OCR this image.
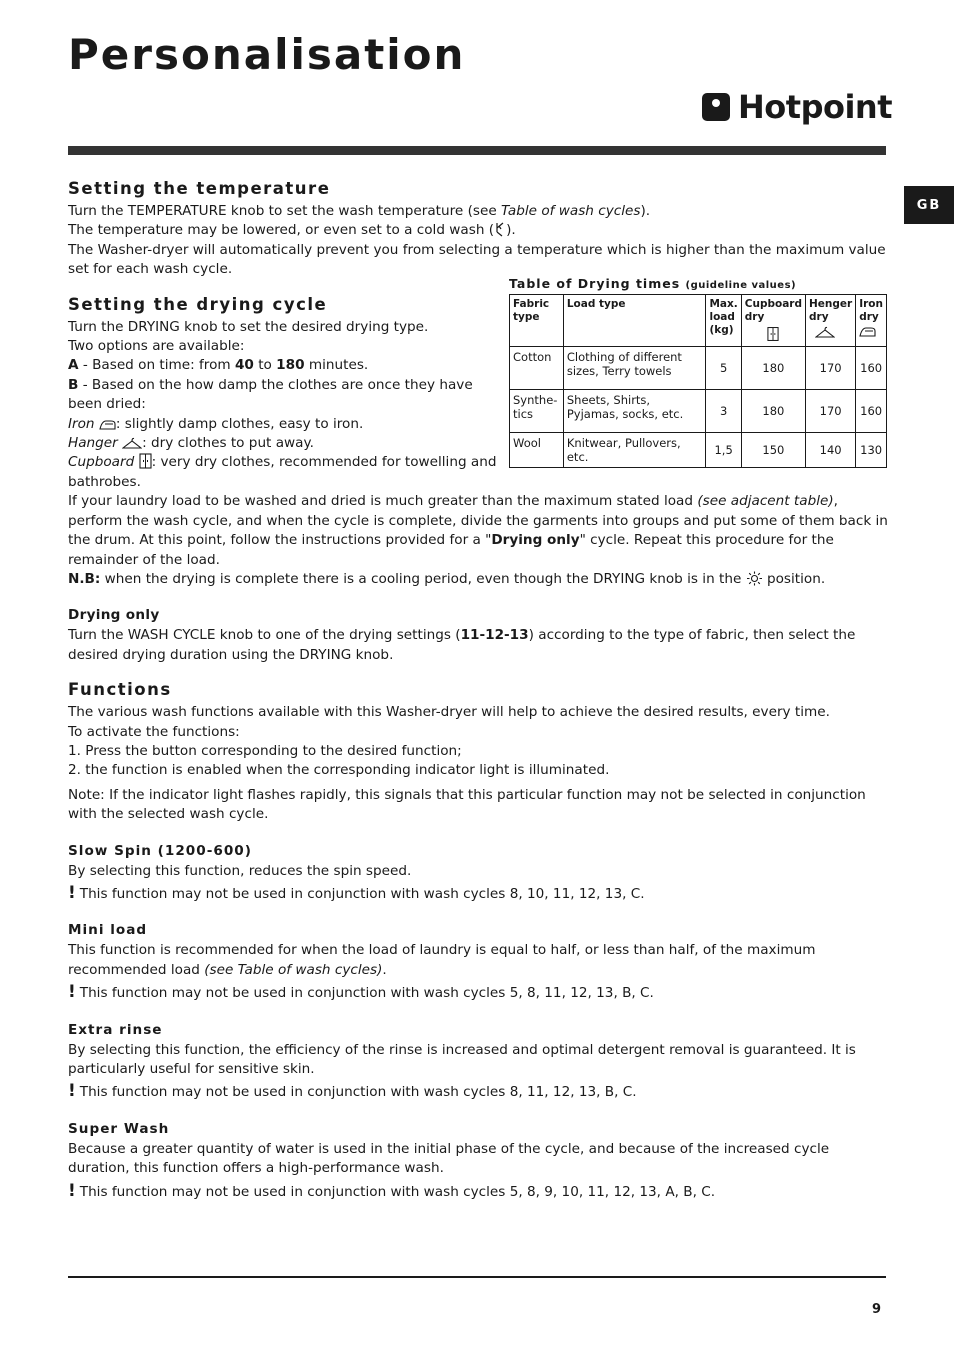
Personalisation
Hotpoint
GB
Setting the temperature

Turn the TEMPERATURE knob to set the wash temperature (see Table of wash cycles).

The temperature may be lowered, or even set to a cold wash ( ).

The Washer-dryer will automatically prevent you from selecting a temperature which is higher than the maximum value set for each wash cycle.

Setting the drying cycle

Turn the DRYING knob to set the desired drying type.

Two options are available:

A - Based on time: from 40 to 180 minutes.

B - Based on the how damp the clothes are once they have been dried:

Iron : slightly damp clothes, easy to iron.

Hanger : dry clothes to put away.

Cupboard : very dry clothes, recommended for towelling and bathrobes.

Table of Drying times (guideline values)

Fabric type	Load type	Max. load (kg)	Cupboard dry	Henger dry	Iron dry

Cotton	Clothing of different sizes, Terry towels	5	180	170	160
Synthe-tics	Sheets, Shirts, Pyjamas, socks, etc.	3	180	170	160
Wool	Knitwear, Pullovers, etc.	1,5	150	140	130

If your laundry load to be washed and dried is much greater than the maximum stated load (see adjacent table), perform the wash cycle, and when the cycle is complete, divide the garments into groups and put some of them back in the drum. At this point, follow the instructions provided for a "Drying only" cycle. Repeat this procedure for the remainder of the load.

N.B: when the drying is complete there is a cooling period, even though the DRYING knob is in the  position.

Drying only

Turn the WASH CYCLE knob to one of the drying settings (11-12-13) according to the type of fabric, then select the desired drying duration using the DRYING knob.

Functions

The various wash functions available with this Washer-dryer will help to achieve the desired results, every time.

To activate the functions:

1. Press the button corresponding to the desired function;

2. the function is enabled when the corresponding indicator light is illuminated.

Note: If the indicator light flashes rapidly, this signals that this particular function may not be selected in conjunction with the selected wash cycle.

Slow Spin (1200-600)

By selecting this function, reduces the spin speed.

! This function may not be used in conjunction with wash cycles 8, 10, 11, 12, 13, C.

Mini load

This function is recommended for when the load of laundry is equal to half, or less than half, of the maximum recommended load (see Table of wash cycles).

! This function may not be used in conjunction with wash cycles 5, 8, 11, 12, 13, B, C.

Extra rinse

By selecting this function, the efficiency of the rinse is increased and optimal detergent removal is guaranteed. It is particularly useful for sensitive skin.

! This function may not be used in conjunction with wash cycles 8, 11, 12, 13, B, C.

Super Wash

Because a greater quantity of water is used in the initial phase of the cycle, and because of the increased cycle duration, this function offers a high-performance wash.

! This function may not be used in conjunction with wash cycles 5, 8, 9, 10, 11, 12, 13, A, B, C.

9
